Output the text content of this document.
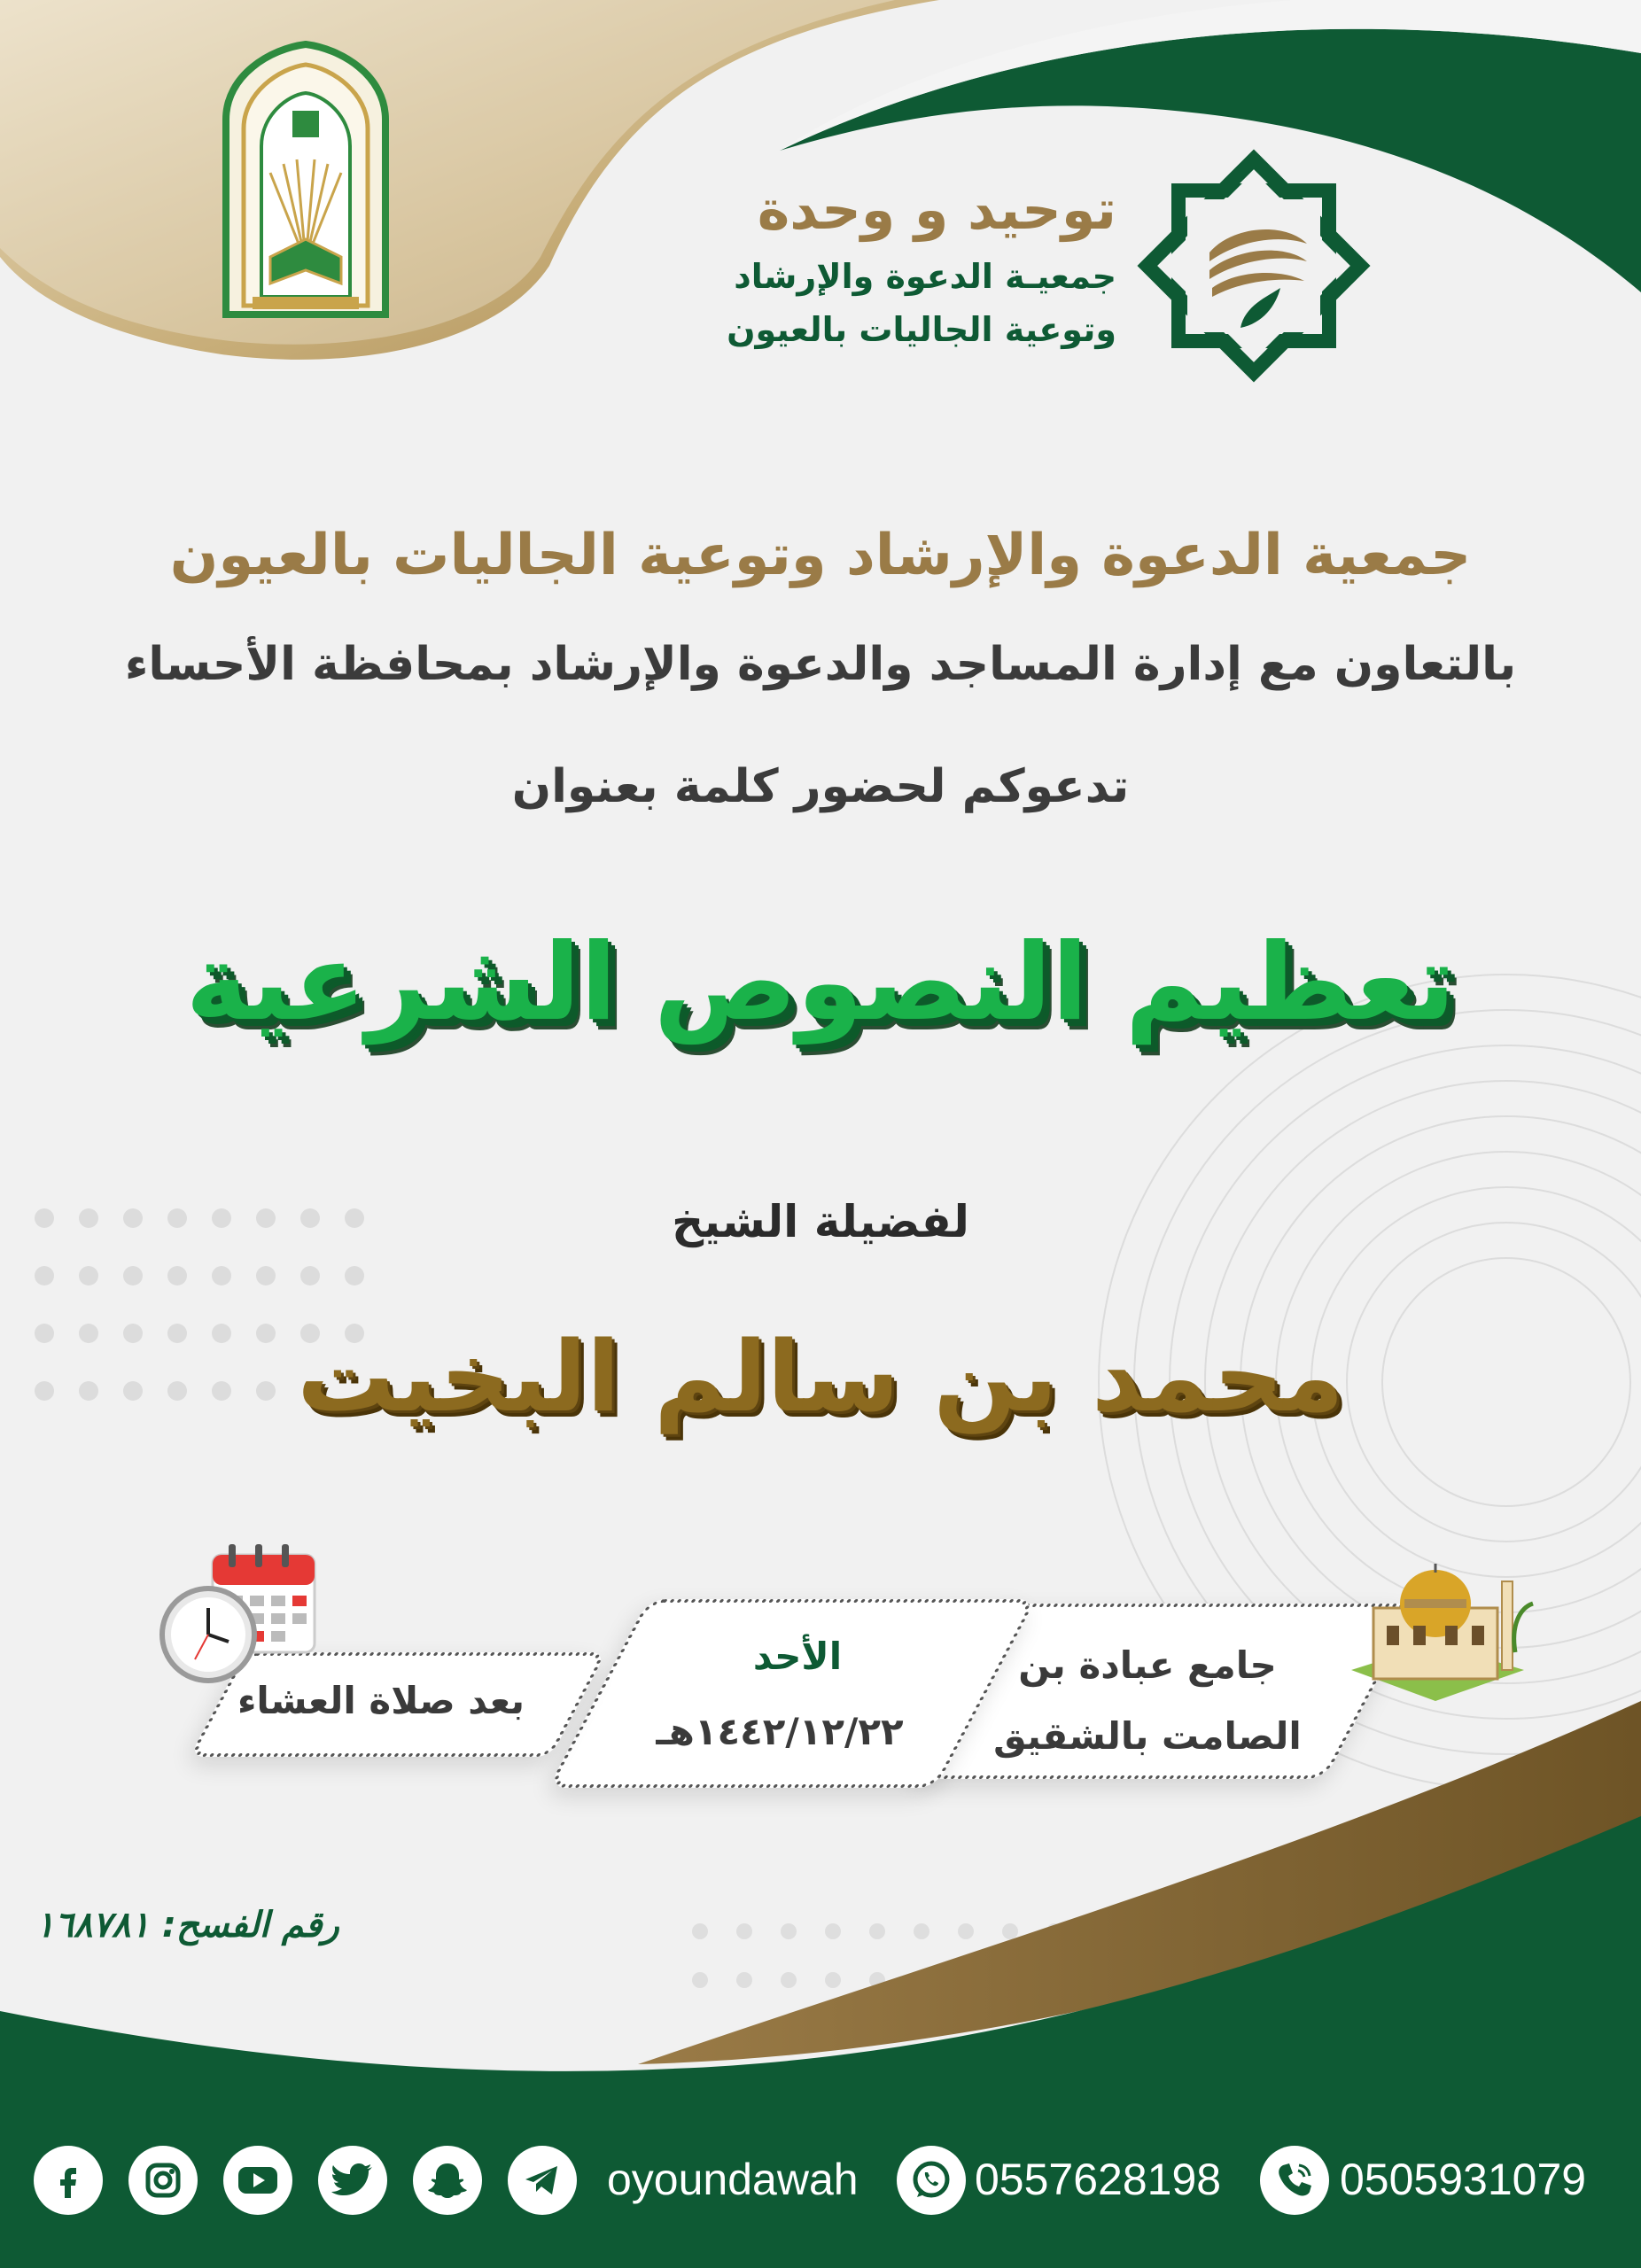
توحيد و وحدة
جمعيـة الدعوة والإرشاد
وتوعية الجاليات بالعيون
جمعية الدعوة والإرشاد وتوعية الجاليات بالعيون
بالتعاون مع إدارة المساجد والدعوة والإرشاد بمحافظة الأحساء
تدعوكم لحضور كلمة بعنوان
تعظيم النصوص الشرعية
لفضيلة الشيخ
محمد بن سالم البخيت
جامع عبادة بن
الصامت بالشقيق
الأحد
١٤٤٢/١٢/٢٢هـ
بعد صلاة العشاء
رقم الفسح: ١٦٨٧٨١
oyoundawah	0557628198	0505931079
